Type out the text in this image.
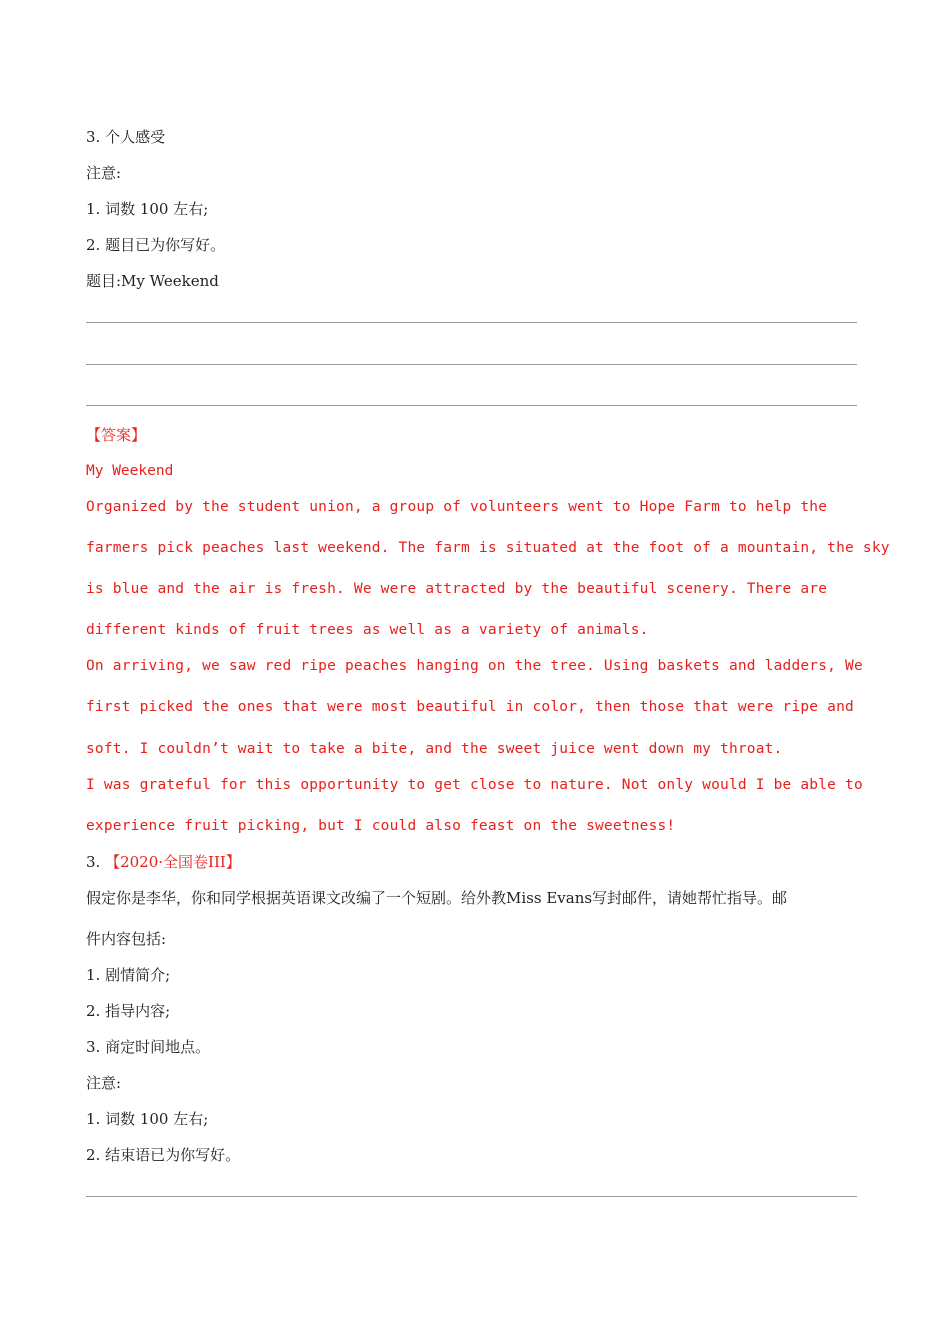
3. 个人感受
注意:
1. 词数 100 左右;
2. 题目已为你写好。
题目:My Weekend
【答案】
My Weekend
Organized by the student union, a group of volunteers went to Hope Farm to help the
farmers pick peaches last weekend. The farm is situated at the foot of a mountain, the sky
is blue and the air is fresh. We were attracted by the beautiful scenery. There are
different kinds of fruit trees as well as a variety of animals.
On arriving, we saw red ripe peaches hanging on the tree. Using baskets and ladders, We
first picked the ones that were most beautiful in color, then those that were ripe and
soft. I couldn’t wait to take a bite, and the sweet juice went down my throat.
I was grateful for this opportunity to get close to nature. Not only would I be able to
experience fruit picking, but I could also feast on the sweetness!
3. 【2020·全国卷III】
假定你是李华，你和同学根据英语课文改编了一个短剧。给外教Miss Evans写封邮件，请她帮忙指导。邮
件内容包括:
1. 剧情简介;
2. 指导内容;
3. 商定时间地点。
注意:
1. 词数 100 左右;
2. 结束语已为你写好。
